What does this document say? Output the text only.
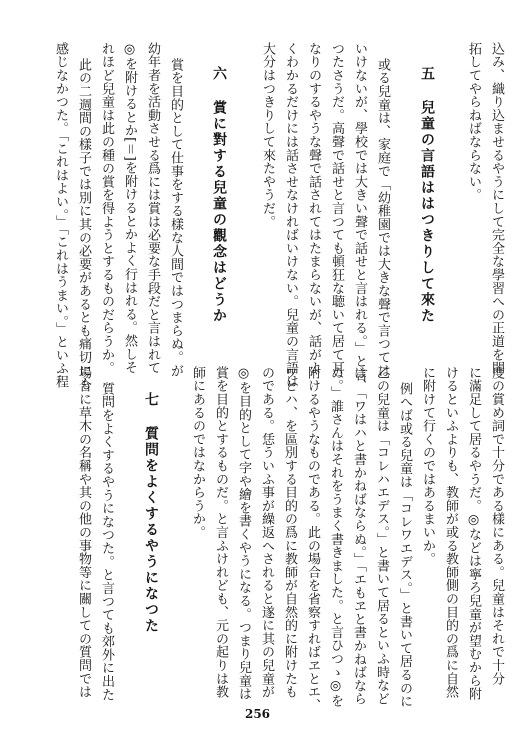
込み、織り込ませるやうにして完全な學習への正道を開
拓してやらねばならない。
五兒童の言語ははつきりして來た
或る兒童は、家庭で「幼稚園では大きな聲で言つては
いけないが、學校では大きい聲で話せと言はれる。」と言
つたさうだ。高聲で話せと言つても頓狂な聴いて居て耳
なりのするやうな聲で話されてはたまらないが、話がよ
くわかるだけには話させなければいけない。兒童の言語は
大分はつきりして來たやうだ。
六賞に對する兒童の觀念はどうか
賞を目的として仕事をする樣な人間ではつまらぬ。が
幼年者を活動させる爲には賞は必要な手段だと言はれて
◎を附けるとか[＝]を附けるとかよく行はれる。然しそ
れほど兒童は此の種の賞を得ようとするものだらうか。
此の二週間の樣子では別に其の必要があるとも痛切にも
感じなかつた。「これはよい。」「これはうまい。」といふ程
度の賞め詞で十分である樣にある。兒童はそれで十分
に滿足して居るやうだ。◎などは寧ろ兒童が望むから附
けるといふよりも、教師が或る教師側の目的の爲に自然
に附けて行くのではあるまいか。
例へば或る兒童は「コレワエデス。」と書いて居るのに
乙の兒童は「コレハエデス。」と書いて居るといふ時など
は、「ワはハと書かねばならぬ。」「エもヱと書かねばなら
ぬ。」誰さんはそれをうまく書きました。と言ひつゝ◎を
附けるやうなものである。此の場合を省察すればヱとエ、
ワとハ、を區別する目的の爲に教師が自然的に附けたも
のである。恁ういふ事が繰返へされると遂に其の兒童が
◎を目的として字や繪を書くやうになる。つまり兒童は
賞を目的とするものだ。と言ふけれども、元の起りは教
師にあるのではなからうか。
七質問をよくするやうになつた
質問をよくするやうになつた。と言つても郊外に出た
場合に草木の名稱や其の他の事物等に關しての質問では
256
